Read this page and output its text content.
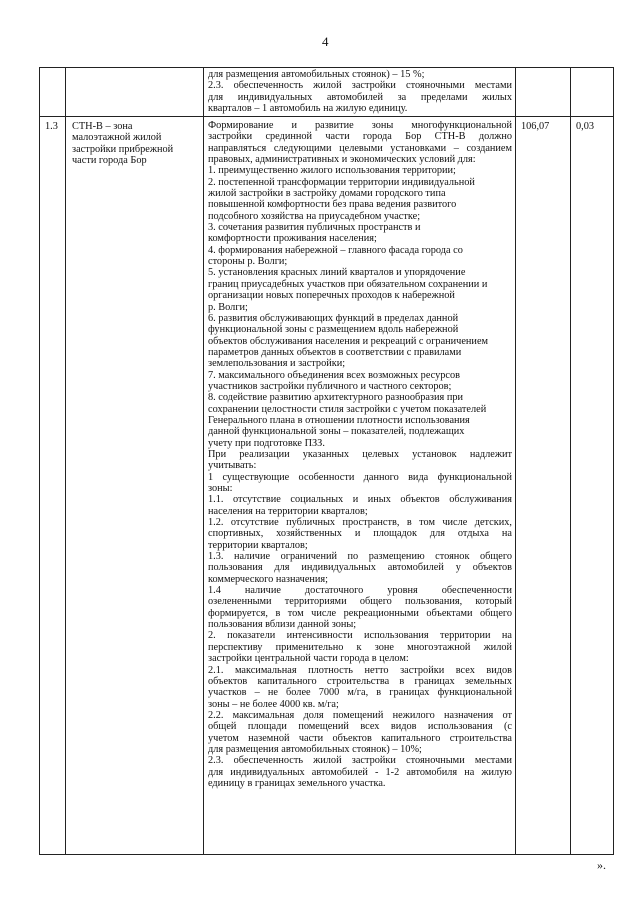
4
для размещения автомобильных стоянок) – 15 %;
2.3. обеспеченность жилой застройки стояночными местами
для индивидуальных автомобилей за пределами жилых
кварталов – 1 автомобиль на жилую единицу.
1.3 СТН-В – зона
малоэтажной жилой
застройки прибрежной
части города Бор
Формирование и развитие зоны многофункциональной
застройки срединной части города Бор СТН-В должно
направляться следующими целевыми установками – созданием
правовых, административных и экономических условий для:
1. преимущественно жилого использования территории;
2. постепенной трансформации территории индивидуальной
жилой застройки в застройку домами городского типа
повышенной комфортности без права ведения развитого
подсобного хозяйства на приусадебном участке;
3. сочетания развития публичных пространств и
комфортности проживания населения;
4. формирования набережной – главного фасада города со
стороны р. Волги;
5. установления красных линий кварталов и упорядочение
границ приусадебных участков при обязательном сохранении и
организации новых поперечных проходов к набережной
р. Волги;
6. развития обслуживающих функций в пределах данной
функциональной зоны с размещением вдоль набережной
объектов обслуживания населения и рекреаций с ограничением
параметров данных объектов в соответствии с правилами
землепользования и застройки;
7. максимального объединения всех возможных ресурсов
участников застройки публичного и частного секторов;
8. содействие развитию архитектурного разнообразия при
сохранении целостности стиля застройки с учетом показателей
Генерального плана в отношении плотности использования
данной функциональной зоны – показателей, подлежащих
учету при подготовке ПЗЗ.
При реализации указанных целевых установок надлежит
учитывать:
1 существующие особенности данного вида функциональной
зоны:
1.1. отсутствие социальных и иных объектов обслуживания
населения на территории кварталов;
1.2. отсутствие публичных пространств, в том числе детских,
спортивных, хозяйственных и площадок для отдыха на
территории кварталов;
1.3. наличие ограничений по размещению стоянок общего
пользования для индивидуальных автомобилей у объектов
коммерческого назначения;
1.4 наличие достаточного уровня обеспеченности
озелененными территориями общего пользования, который
формируется, в том числе рекреационными объектами общего
пользования вблизи данной зоны;
2. показатели интенсивности использования территории на
перспективу применительно к зоне многоэтажной жилой
застройки центральной части города в целом:
2.1. максимальная плотность нетто застройки всех видов
объектов капитального строительства в границах земельных
участков – не более 7000 м/га, в границах функциональной
зоны – не более 4000 кв. м/га;
2.2. максимальная доля помещений нежилого назначения от
общей площади помещений всех видов использования (с
учетом наземной части объектов капитального строительства
для размещения автомобильных стоянок) – 10%;
2.3. обеспеченность жилой застройки стояночными местами
для индивидуальных автомобилей - 1-2 автомобиля на жилую
единицу в границах земельного участка.
106,07	0,03
».
